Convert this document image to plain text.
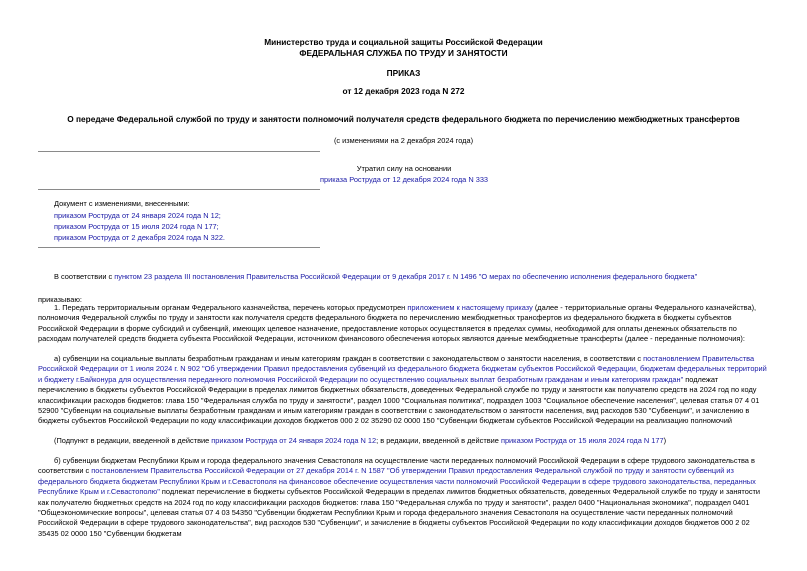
Министерство труда и социальной защиты Российской Федерации
ФЕДЕРАЛЬНАЯ СЛУЖБА ПО ТРУДУ И ЗАНЯТОСТИ
ПРИКАЗ
от 12 декабря 2023 года N 272
О передаче Федеральной службой по труду и занятости полномочий получателя средств федерального бюджета по перечислению межбюджетных трансфертов
(с изменениями на 2 декабря 2024 года)
Утратил силу на основании
приказа Роструда от 12 декабря 2024 года N 333
Документ с изменениями, внесенными:
приказом Роструда от 24 января 2024 года N 12;
приказом Роструда от 15 июля 2024 года N 177;
приказом Роструда от 2 декабря 2024 года N 322.
В соответствии с пунктом 23 раздела III постановления Правительства Российской Федерации от 9 декабря 2017 г. N 1496 "О мерах по обеспечению исполнения федерального бюджета"
приказываю:
1. Передать территориальным органам Федерального казначейства, перечень которых предусмотрен приложением к настоящему приказу (далее - территориальные органы Федерального казначейства),
полномочия Федеральной службы по труду и занятости как получателя средств федерального бюджета по перечислению межбюджетных трансфертов из федерального бюджета в бюджеты субъектов
Российской Федерации в форме субсидий и субвенций, имеющих целевое назначение, предоставление которых осуществляется в пределах суммы, необходимой для оплаты денежных обязательств по
расходам получателей средств бюджета субъекта Российской Федерации, источником финансового обеспечения которых являются данные межбюджетные трансферты (далее - переданные полномочия):
а) субвенции на социальные выплаты безработным гражданам и иным категориям граждан в соответствии с законодательством о занятости населения, в соответствии с постановлением Правительства
Российской Федерации от 1 июля 2024 г. N 902 "Об утверждении Правил предоставления субвенций из федерального бюджета бюджетам субъектов Российской Федерации, бюджетам федеральных территорий
и бюджету г.Байконура для осуществления переданного полномочия Российской Федерации по осуществлению социальных выплат безработным гражданам и иным категориям граждан" подлежат
перечислению в бюджеты субъектов Российской Федерации в пределах лимитов бюджетных обязательств, доведенных Федеральной службе по труду и занятости как получателю средств на 2024 год по коду
классификации расходов бюджетов: глава 150 "Федеральная служба по труду и занятости", раздел 1000 "Социальная политика", подраздел 1003 "Социальное обеспечение населения", целевая статья 07 4 01
52900 "Субвенции на социальные выплаты безработным гражданам и иным категориям граждан в соответствии с законодательством о занятости населения, вид расходов 530 "Субвенции", и зачислению в
бюджеты субъектов Российской Федерации по коду классификации доходов бюджетов 000 2 02 35290 02 0000 150 "Субвенции бюджетам субъектов Российской Федерации на реализацию полномочий
(Подпункт в редакции, введенной в действие приказом Роструда от 24 января 2024 года N 12; в редакции, введенной в действие приказом Роструда от 15 июля 2024 года N 177)
б) субвенции бюджетам Республики Крым и города федерального значения Севастополя на осуществление части переданных полномочий Российской Федерации в сфере трудового законодательства в
соответствии с постановлением Правительства Российской Федерации от 27 декабря 2014 г. N 1587 "Об утверждении Правил предоставления Федеральной службой по труду и занятости субвенций из
федерального бюджета бюджетам Республики Крым и г.Севастополя на финансовое обеспечение осуществления части полномочий Российской Федерации в сфере трудового законодательства, переданных
Республике Крым и г.Севастополю" подлежат перечисление в бюджеты субъектов Российской Федерации в пределах лимитов бюджетных обязательств, доведенных Федеральной службе по труду и занятости
как получателю бюджетных средств на 2024 год по коду классификации расходов бюджетов: глава 150 "Федеральная служба по труду и занятости", раздел 0400 "Национальная экономика", подраздел 0401
"Общеэкономические вопросы", целевая статья 07 4 03 54350 "Субвенции бюджетам Республики Крым и города федерального значения Севастополя на осуществление части переданных полномочий
Российской Федерации в сфере трудового законодательства", вид расходов 530 "Субвенции", и зачисление в бюджеты субъектов Российской Федерации по коду классификации доходов бюджетов 000 2 02
35435 02 0000 150 "Субвенции бюджетам
